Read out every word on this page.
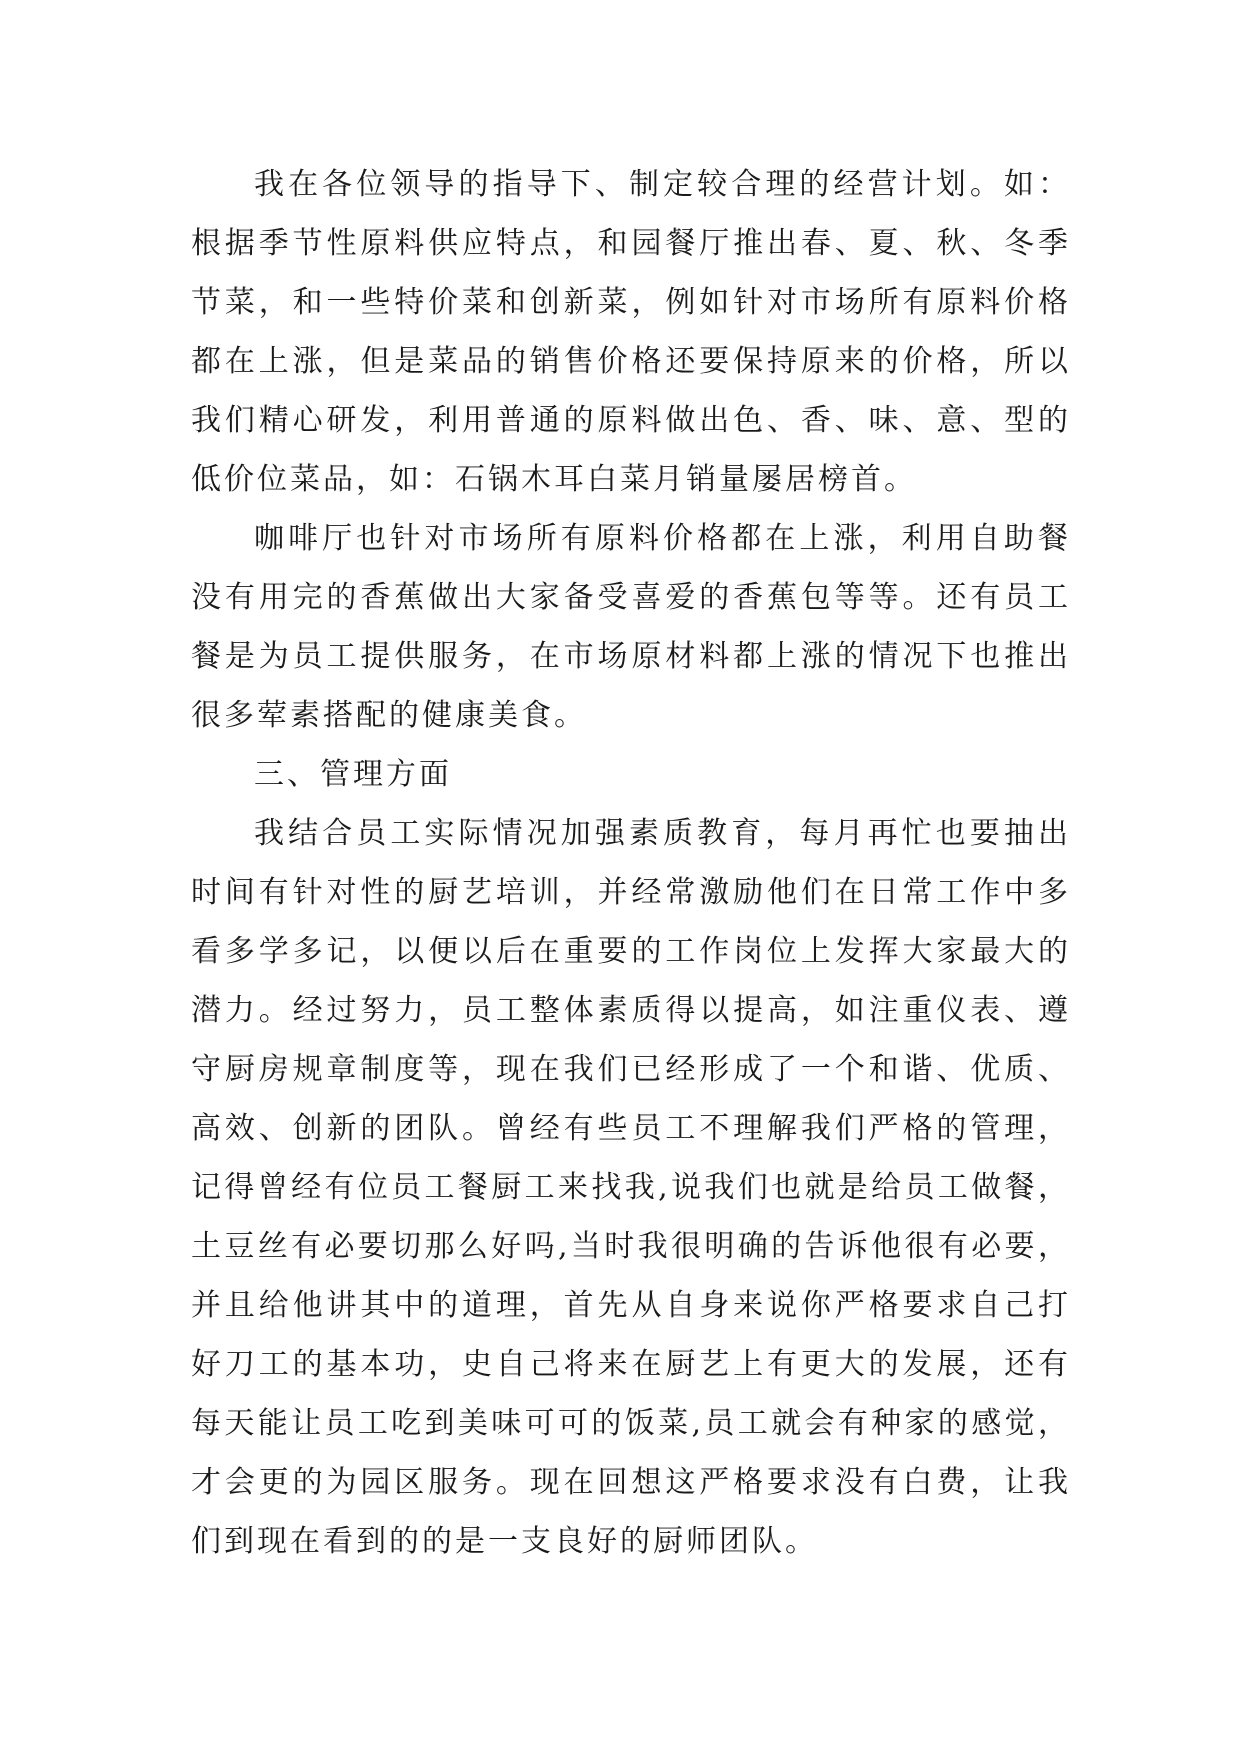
我在各位领导的指导下、制定较合理的经营计划。如：根据季节性原料供应特点，和园餐厅推出春、夏、秋、冬季节菜，和一些特价菜和创新菜，例如针对市场所有原料价格都在上涨，但是菜品的销售价格还要保持原来的价格，所以我们精心研发，利用普通的原料做出色、香、味、意、型的低价位菜品，如：石锅木耳白菜月销量屡居榜首。

咖啡厅也针对市场所有原料价格都在上涨，利用自助餐没有用完的香蕉做出大家备受喜爱的香蕉包等等。还有员工餐是为员工提供服务，在市场原材料都上涨的情况下也推出很多荤素搭配的健康美食。

三、管理方面

我结合员工实际情况加强素质教育，每月再忙也要抽出时间有针对性的厨艺培训，并经常激励他们在日常工作中多看多学多记，以便以后在重要的工作岗位上发挥大家最大的潜力。经过努力，员工整体素质得以提高，如注重仪表、遵守厨房规章制度等，现在我们已经形成了一个和谐、优质、高效、创新的团队。曾经有些员工不理解我们严格的管理，记得曾经有位员工餐厨工来找我,说我们也就是给员工做餐，土豆丝有必要切那么好吗,当时我很明确的告诉他很有必要，并且给他讲其中的道理，首先从自身来说你严格要求自己打好刀工的基本功，史自己将来在厨艺上有更大的发展，还有每天能让员工吃到美味可可的饭菜,员工就会有种家的感觉，才会更的为园区服务。现在回想这严格要求没有白费，让我们到现在看到的的是一支良好的厨师团队。
